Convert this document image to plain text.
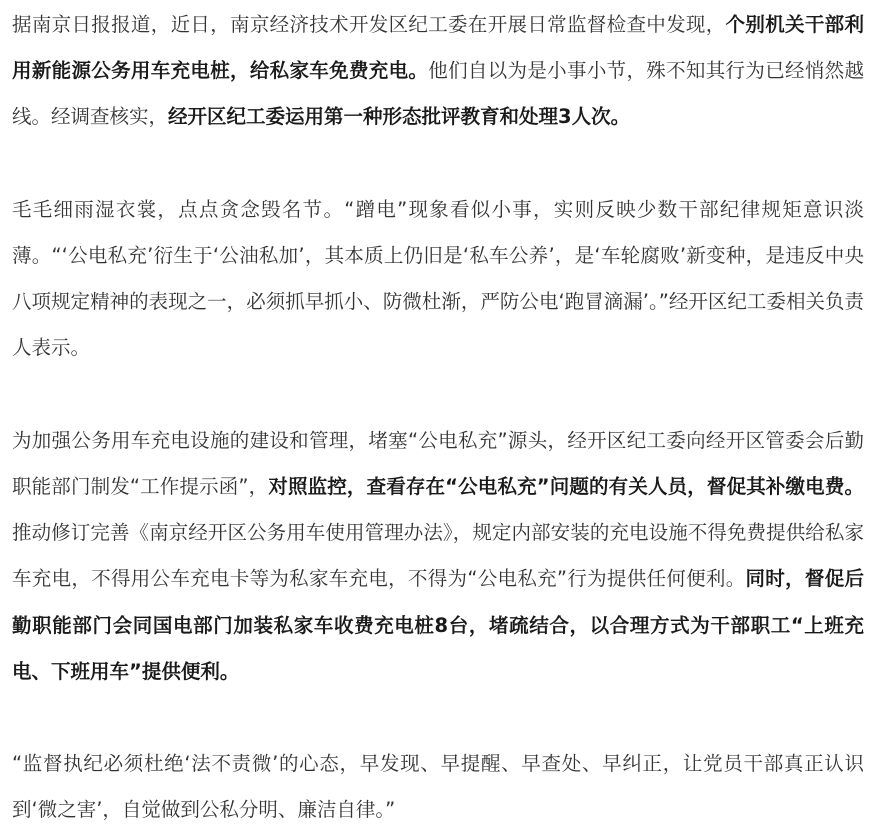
据南京日报报道，近日，南京经济技术开发区纪工委在开展日常监督检查中发现，个别机关干部利用新能源公务用车充电桩，给私家车免费充电。他们自以为是小事小节，殊不知其行为已经悄然越线。经调查核实，经开区纪工委运用第一种形态批评教育和处理3人次。

毛毛细雨湿衣裳，点点贪念毁名节。“蹭电”现象看似小事，实则反映少数干部纪律规矩意识淡薄。“‘公电私充’衍生于‘公油私加’，其本质上仍旧是‘私车公养’，是‘车轮腐败’新变种，是违反中央八项规定精神的表现之一，必须抓早抓小、防微杜渐，严防公电‘跑冒滴漏’。”经开区纪工委相关负责人表示。

为加强公务用车充电设施的建设和管理，堵塞“公电私充”源头，经开区纪工委向经开区管委会后勤职能部门制发“工作提示函”，对照监控，查看存在“公电私充”问题的有关人员，督促其补缴电费。推动修订完善《南京经开区公务用车使用管理办法》，规定内部安装的充电设施不得免费提供给私家车充电，不得用公车充电卡等为私家车充电，不得为“公电私充”行为提供任何便利。同时，督促后勤职能部门会同国电部门加装私家车收费充电桩8台，堵疏结合，以合理方式为干部职工“上班充电、下班用车”提供便利。

“监督执纪必须杜绝‘法不责微’的心态，早发现、早提醒、早查处、早纠正，让党员干部真正认识到‘微之害’，自觉做到公私分明、廉洁自律。”
